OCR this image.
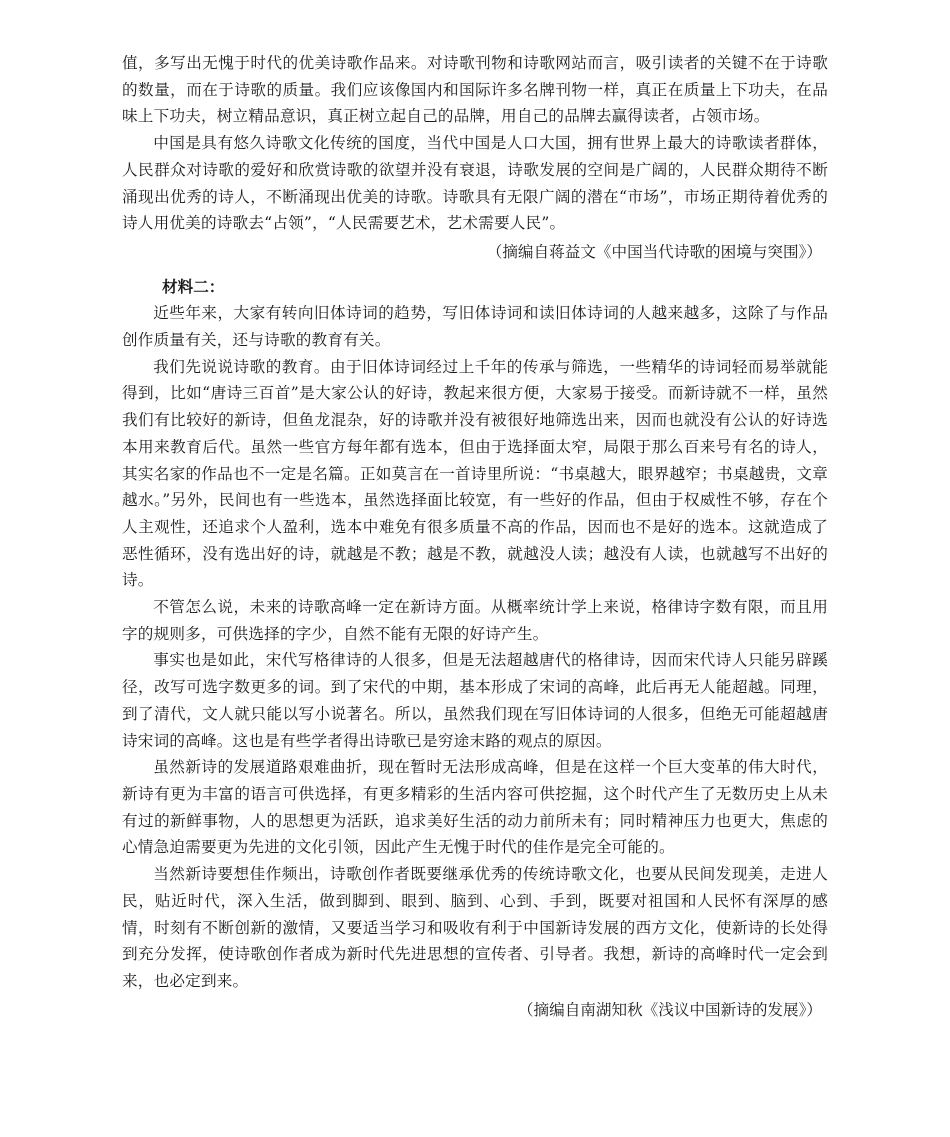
值，多写出无愧于时代的优美诗歌作品来。对诗歌刊物和诗歌网站而言，吸引读者的关键不在于诗歌的数量，而在于诗歌的质量。我们应该像国内和国际许多名牌刊物一样，真正在质量上下功夫，在品味上下功夫，树立精品意识，真正树立起自己的品牌，用自己的品牌去赢得读者，占领市场。

中国是具有悠久诗歌文化传统的国度，当代中国是人口大国，拥有世界上最大的诗歌读者群体，人民群众对诗歌的爱好和欣赏诗歌的欲望并没有衰退，诗歌发展的空间是广阔的，人民群众期待不断涌现出优秀的诗人，不断涌现出优美的诗歌。诗歌具有无限广阔的潜在“市场”，市场正期待着优秀的诗人用优美的诗歌去“占领”，“人民需要艺术，艺术需要人民”。

（摘编自蒋益文《中国当代诗歌的困境与突围》）

材料二：

近些年来，大家有转向旧体诗词的趋势，写旧体诗词和读旧体诗词的人越来越多，这除了与作品创作质量有关，还与诗歌的教育有关。

我们先说说诗歌的教育。由于旧体诗词经过上千年的传承与筛选，一些精华的诗词轻而易举就能得到，比如“唐诗三百首”是大家公认的好诗，教起来很方便，大家易于接受。而新诗就不一样，虽然我们有比较好的新诗，但鱼龙混杂，好的诗歌并没有被很好地筛选出来，因而也就没有公认的好诗选本用来教育后代。虽然一些官方每年都有选本，但由于选择面太窄，局限于那么百来号有名的诗人，其实名家的作品也不一定是名篇。正如莫言在一首诗里所说：“书桌越大，眼界越窄；书桌越贵，文章越水。”另外，民间也有一些选本，虽然选择面比较宽，有一些好的作品，但由于权威性不够，存在个人主观性，还追求个人盈利，选本中难免有很多质量不高的作品，因而也不是好的选本。这就造成了恶性循环，没有选出好的诗，就越是不教；越是不教，就越没人读；越没有人读，也就越写不出好的诗。

不管怎么说，未来的诗歌高峰一定在新诗方面。从概率统计学上来说，格律诗字数有限，而且用字的规则多，可供选择的字少，自然不能有无限的好诗产生。

事实也是如此，宋代写格律诗的人很多，但是无法超越唐代的格律诗，因而宋代诗人只能另辟蹊径，改写可选字数更多的词。到了宋代的中期，基本形成了宋词的高峰，此后再无人能超越。同理，到了清代，文人就只能以写小说著名。所以，虽然我们现在写旧体诗词的人很多，但绝无可能超越唐诗宋词的高峰。这也是有些学者得出诗歌已是穷途末路的观点的原因。

虽然新诗的发展道路艰难曲折，现在暂时无法形成高峰，但是在这样一个巨大变革的伟大时代，新诗有更为丰富的语言可供选择，有更多精彩的生活内容可供挖掘，这个时代产生了无数历史上从未有过的新鲜事物，人的思想更为活跃，追求美好生活的动力前所未有；同时精神压力也更大，焦虑的心情急迫需要更为先进的文化引领，因此产生无愧于时代的佳作是完全可能的。

当然新诗要想佳作频出，诗歌创作者既要继承优秀的传统诗歌文化，也要从民间发现美，走进人民，贴近时代，深入生活，做到脚到、眼到、脑到、心到、手到，既要对祖国和人民怀有深厚的感情，时刻有不断创新的激情，又要适当学习和吸收有利于中国新诗发展的西方文化，使新诗的长处得到充分发挥，使诗歌创作者成为新时代先进思想的宣传者、引导者。我想，新诗的高峰时代一定会到来，也必定到来。

（摘编自南湖知秋《浅议中国新诗的发展》）
